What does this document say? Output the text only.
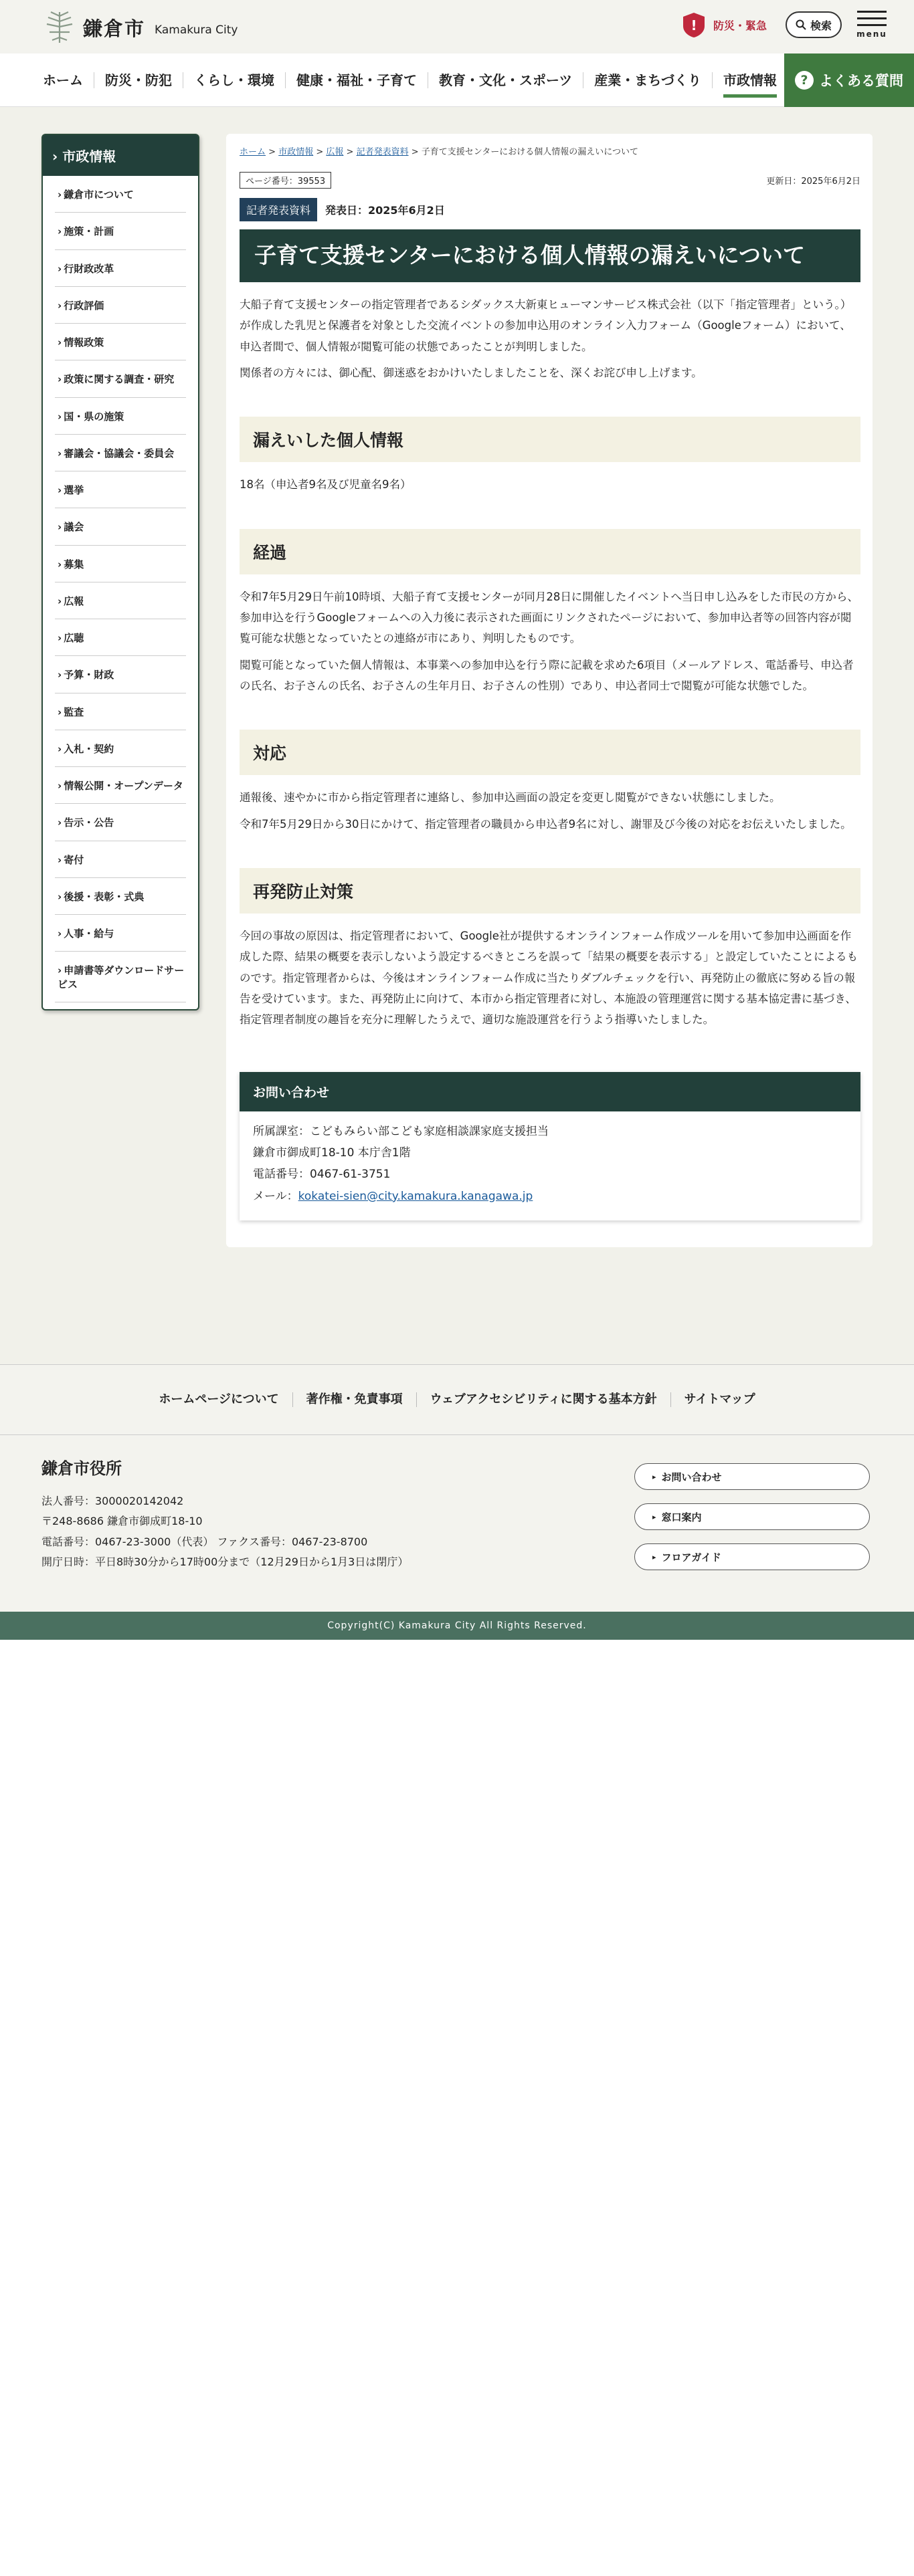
鎌倉市 Kamakura City	! 防災・緊急	検索
menu
ホーム	防災・防犯	くらし・環境	健康・福祉・子育て	教育・文化・スポーツ	産業・まちづくり	市政情報	? よくある質問
› 市政情報
› 鎌倉市について
› 施策・計画
› 行財政改革
› 行政評価
› 情報政策
› 政策に関する調査・研究
› 国・県の施策
› 審議会・協議会・委員会
› 選挙
› 議会
› 募集
› 広報
› 広聴
› 予算・財政
› 監査
› 入札・契約
› 情報公開・オープンデータ
› 告示・公告
› 寄付
› 後援・表彰・式典
› 人事・給与
› 申請書等ダウンロードサービス
ホーム > 市政情報 > 広報 > 記者発表資料 > 子育て支援センターにおける個人情報の漏えいについて
ページ番号：39553	更新日：2025年6月2日
記者発表資料	発表日：2025年6月2日
子育て支援センターにおける個人情報の漏えいについて

大船子育て支援センターの指定管理者であるシダックス大新東ヒューマンサービス株式会社（以下「指定管理者」という。）が作成した乳児と保護者を対象とした交流イベントの参加申込用のオンライン入力フォーム（Googleフォーム）において、申込者間で、個人情報が閲覧可能の状態であったことが判明しました。

関係者の方々には、御心配、御迷惑をおかけいたしましたことを、深くお詫び申し上げます。

漏えいした個人情報

18名（申込者9名及び児童名9名）

経過

令和7年5月29日午前10時頃、大船子育て支援センターが同月28日に開催したイベントへ当日申し込みをした市民の方から、参加申込を行うGoogleフォームへの入力後に表示された画面にリンクされたページにおいて、参加申込者等の回答内容が閲覧可能な状態となっていたとの連絡が市にあり、判明したものです。

閲覧可能となっていた個人情報は、本事業への参加申込を行う際に記載を求めた6項目（メールアドレス、電話番号、申込者の氏名、お子さんの氏名、お子さんの生年月日、お子さんの性別）であり、申込者同士で閲覧が可能な状態でした。

対応

通報後、速やかに市から指定管理者に連絡し、参加申込画面の設定を変更し閲覧ができない状態にしました。

令和7年5月29日から30日にかけて、指定管理者の職員から申込者9名に対し、謝罪及び今後の対応をお伝えいたしました。

再発防止対策

今回の事故の原因は、指定管理者において、Google社が提供するオンラインフォーム作成ツールを用いて参加申込画面を作成した際、結果の概要を表示しないよう設定するべきところを誤って「結果の概要を表示する」と設定していたことによるものです。指定管理者からは、今後はオンラインフォーム作成に当たりダブルチェックを行い、再発防止の徹底に努める旨の報告を受けています。また、再発防止に向けて、本市から指定管理者に対し、本施設の管理運営に関する基本協定書に基づき、指定管理者制度の趣旨を充分に理解したうえで、適切な施設運営を行うよう指導いたしました。

お問い合わせ
所属課室：こどもみらい部こども家庭相談課家庭支援担当
鎌倉市御成町18-10 本庁舎1階
電話番号：0467-61-3751
メール：kokatei-sien@city.kamakura.kanagawa.jp
ホームページについて	著作権・免責事項	ウェブアクセシビリティに関する基本方針	サイトマップ
鎌倉市役所
法人番号：3000020142042
〒248-8686 鎌倉市御成町18-10
電話番号：0467-23-3000（代表） ファクス番号：0467-23-8700
開庁日時：平日8時30分から17時00分まで（12月29日から1月3日は閉庁）
▸ お問い合わせ
▸ 窓口案内
▸ フロアガイド
Copyright(C) Kamakura City All Rights Reserved.
